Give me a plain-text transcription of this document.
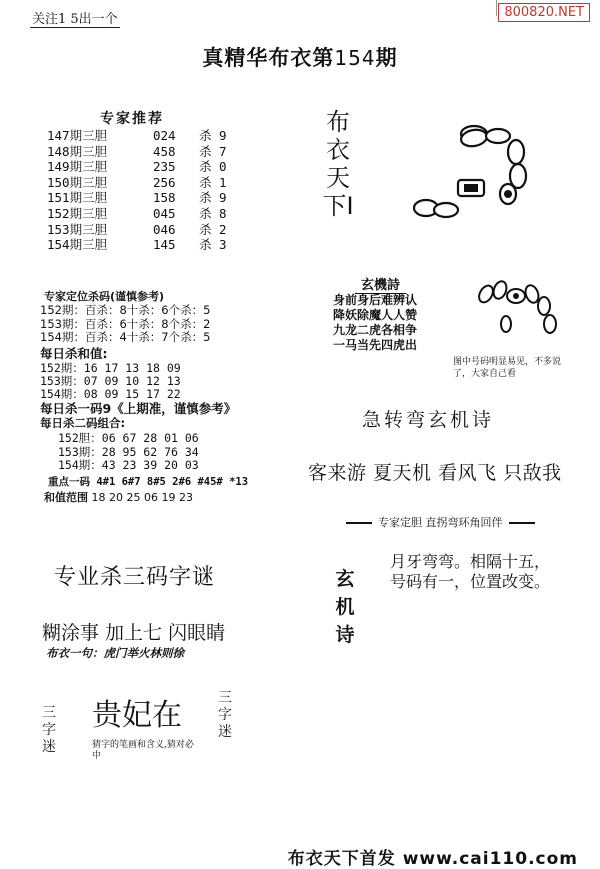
关注1 5出一个	800820.NET
真精华布衣第154期
专家推荐
147期三胆	024 杀 9
148期三胆	458 杀 7
149期三胆	235 杀 0
150期三胆	256 杀 1
151期三胆	158 杀 9
152期三胆	045 杀 8
153期三胆	046 杀 2
154期三胆	145 杀 3
专家定位杀码(谨慎参考)
152期：百杀：8十杀：6个杀：5
153期：百杀：6十杀：8个杀：2
154期：百杀：4十杀：7个杀：5
每日杀和值:
152期：16 17 13 18 09
153期：07 09 10 12 13
154期：08 09 15 17 22
每日杀一码9《上期准，谨慎参考》
每日杀二码组合:
152胆：06 67 28 01 06
153期：28 95 62 76 34
154期：43 23 39 20 03
重点一码 4#1 6#7 8#5 2#6 #45# *13
和值范围 18 20 25 06 19 23
专业杀三码字谜
糊涂事 加上七 闪眼睛
布衣一句：虎门举火林则徐
三字迷
贵妃在	三字迷
猜字的笔画和含义,猜对必中
布衣天下I
玄機詩
身前身后难辨认
降妖除魔人人赞
九龙二虎各相争
一马当先四虎出
图中号码明显易见，不多说了，大家自己看
急转弯玄机诗
客来游 夏天机 看风飞 只敌我
专家定胆 直拐弯环角回伴
玄机诗
月牙弯弯。相隔十五，
号码有一，位置改变。
布衣天下首发 www.cai110.com
